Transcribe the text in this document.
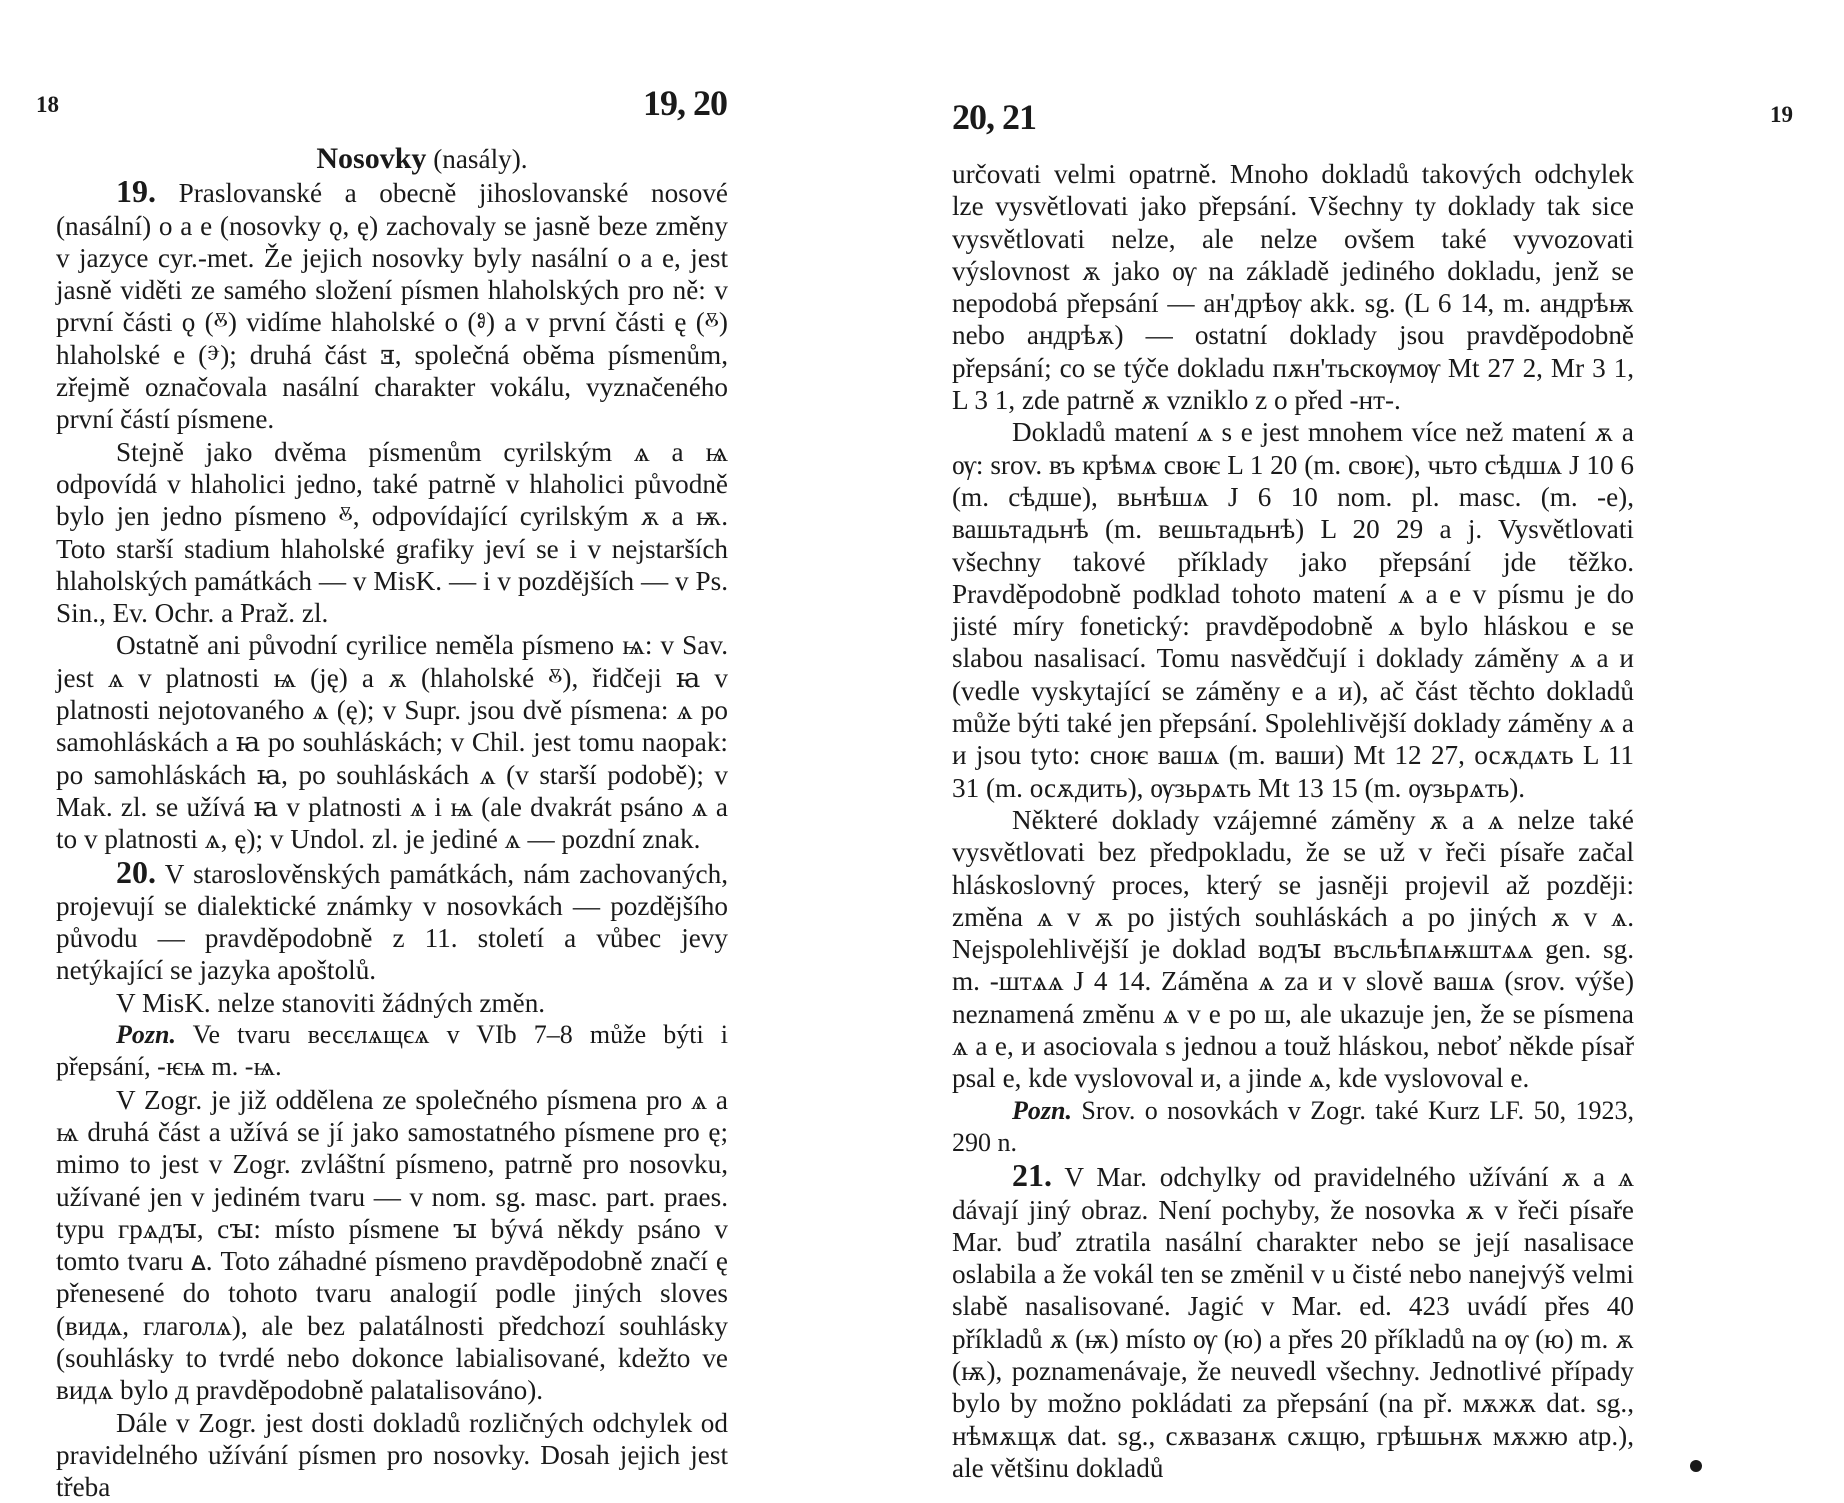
18	19, 20

Nosovky (nasály).

19. Praslovanské a obecně jihoslovanské nosové (nasální) o a e (nosovky ǫ, ę) zachovaly se jasně beze změny v jazyce cyr.-met. Že jejich nosovky byly nasální o a e, jest jasně viděti ze samého složení písmen hlaholských pro ně: v první části ǫ (ⰻ) vidíme hlaholské o (ⱁ) a v první části ę (ⰻ) hlaholské e (ⰵ); druhá část ⱻ, společná oběma písmenům, zřejmě označovala nasální charakter vokálu, vyznačeného první částí písmene.

Stejně jako dvěma písmenům cyrilským ѧ a ѩ odpovídá v hlaholici jedno, také patrně v hlaholici původně bylo jen jedno písmeno ⰻ, odpovídající cyrilským ѫ a ѭ. Toto starší stadium hlaholské grafiky jeví se i v nejstarších hlaholských památkách — v MisK. — i v pozdějších — v Ps. Sin., Ev. Ochr. a Praž. zl.

Ostatně ani původní cyrilice neměla písmeno ѩ: v Sav. jest ѧ v platnosti ѩ (ję) a ѫ (hlaholské ⰻ), řidčeji ꙗ v platnosti nejotovaného ѧ (ę); v Supr. jsou dvě písmena: ѧ po samohláskách a ꙗ po souhláskách; v Chil. jest tomu naopak: po samohláskách ꙗ, po souhláskách ѧ (v starší podobě); v Mak. zl. se užívá ꙗ v platnosti ѧ i ѩ (ale dvakrát psáno ѧ a to v platnosti ѧ, ę); v Undol. zl. je jediné ѧ — pozdní znak.

20. V staroslověnských památkách, nám zachovaných, projevují se dialektické známky v nosovkách — pozdějšího původu — pravděpodobně z 11. století a vůbec jevy netýkající se jazyka apoštolů.

V MisK. nelze stanoviti žádných změn.

Pozn. Ve tvaru весєлѧщєѧ v VIb 7–8 může býti i přepsání, -ѥѩ m. -ѩ.

V Zogr. je již oddělena ze společného písmena pro ѧ a ѩ druhá část a užívá se jí jako samostatného písmene pro ę; mimo to jest v Zogr. zvláštní písmeno, patrně pro nosovku, užívané jen v jediném tvaru — v nom. sg. masc. part. praes. typu грѧдꙑ, сꙑ: místo písmene ꙑ bývá někdy psáno v tomto tvaru ꙙ. Toto záhadné písmeno pravděpodobně značí ę přenesené do tohoto tvaru analogií podle jiných sloves (видѧ, глаголѧ), ale bez palatálnosti předchozí souhlásky (souhlásky to tvrdé nebo dokonce labialisované, kdežto ve видѧ bylo д pravděpodobně palatalisováno).

Dále v Zogr. jest dosti dokladů rozličných odchylek od pravidelného užívání písmen pro nosovky. Dosah jejich jest třeba

20, 21	19

určovati velmi opatrně. Mnoho dokladů takových odchylek lze vysvětlovati jako přepsání. Všechny ty doklady tak sice vysvětlovati nelze, ale nelze ovšem také vyvozovati výslovnost ѫ jako ѹ na základě jediného dokladu, jenž se nepodobá přepsání — ан'дрѣѹ akk. sg. (L 6 14, m. андрѣѭ nebo андрѣѫ) — ostatní doklady jsou pravděpodobně přepsání; co se týče dokladu пѫн'тьскѹмѹ Mt 27 2, Mr 3 1, L 3 1, zde patrně ѫ vzniklo z о před -нт-.

Dokladů matení ѧ s е jest mnohem více než matení ѫ a ѹ: srov. въ крѣмѧ своѥ L 1 20 (m. своѥ), чьто сѣдшѧ J 10 6 (m. сѣдше), вьнѣшѧ J 6 10 nom. pl. masc. (m. -е), вашьтадьнѣ (m. вешьтадьнѣ) L 20 29 a j. Vysvětlovati všechny takové příklady jako přepsání jde těžko. Pravděpodobně podklad tohoto matení ѧ a е v písmu je do jisté míry fonetický: pravděpodobně ѧ bylo hláskou e se slabou nasalisací. Tomu nasvědčují i doklady záměny ѧ a и (vedle vyskytající se záměny е a и), ač část těchto dokladů může býti také jen přepsání. Spolehlivější doklady záměny ѧ a и jsou tyto: сноѥ вашѧ (m. ваши) Mt 12 27, осѫдѧть L 11 31 (m. осѫдить), ѹзьрѧть Mt 13 15 (m. ѹзьрѧть).

Některé doklady vzájemné záměny ѫ a ѧ nelze také vysvětlovati bez předpokladu, že se už v řeči písaře začal hláskoslovný proces, který se jasněji projevil až později: změna ѧ v ѫ po jistých souhláskách a po jiných ѫ v ѧ. Nejspolehlivější je doklad водꙑ въсльѣпѧѭштѧѧ gen. sg. m. -штѧѧ J 4 14. Záměna ѧ za и v slově вашѧ (srov. výše) neznamená změnu ѧ v е po ш, ale ukazuje jen, že se písmena ѧ a е, и asociovala s jednou a touž hláskou, neboť někde písař psal е, kde vyslovoval и, a jinde ѧ, kde vyslovoval е.

Pozn. Srov. o nosovkách v Zogr. také Kurz LF. 50, 1923, 290 n.

21. V Mar. odchylky od pravidelného užívání ѫ a ѧ dávají jiný obraz. Není pochyby, že nosovka ѫ v řeči písaře Mar. buď ztratila nasální charakter nebo se její nasalisace oslabila a že vokál ten se změnil v u čisté nebo nanejvýš velmi slabě nasalisované. Jagić v Mar. ed. 423 uvádí přes 40 příkladů ѫ (ѭ) místo ѹ (ю) a přes 20 příkladů na ѹ (ю) m. ѫ (ѭ), poznamenávaje, že neuvedl všechny. Jednotlivé případy bylo by možno pokládati za přepsání (na př. мѫжѫ dat. sg., нѣмѫщѫ dat. sg., сѫвазанѫ сѫщю, грѣшьнѫ мѫжю atp.), ale většinu dokladů
